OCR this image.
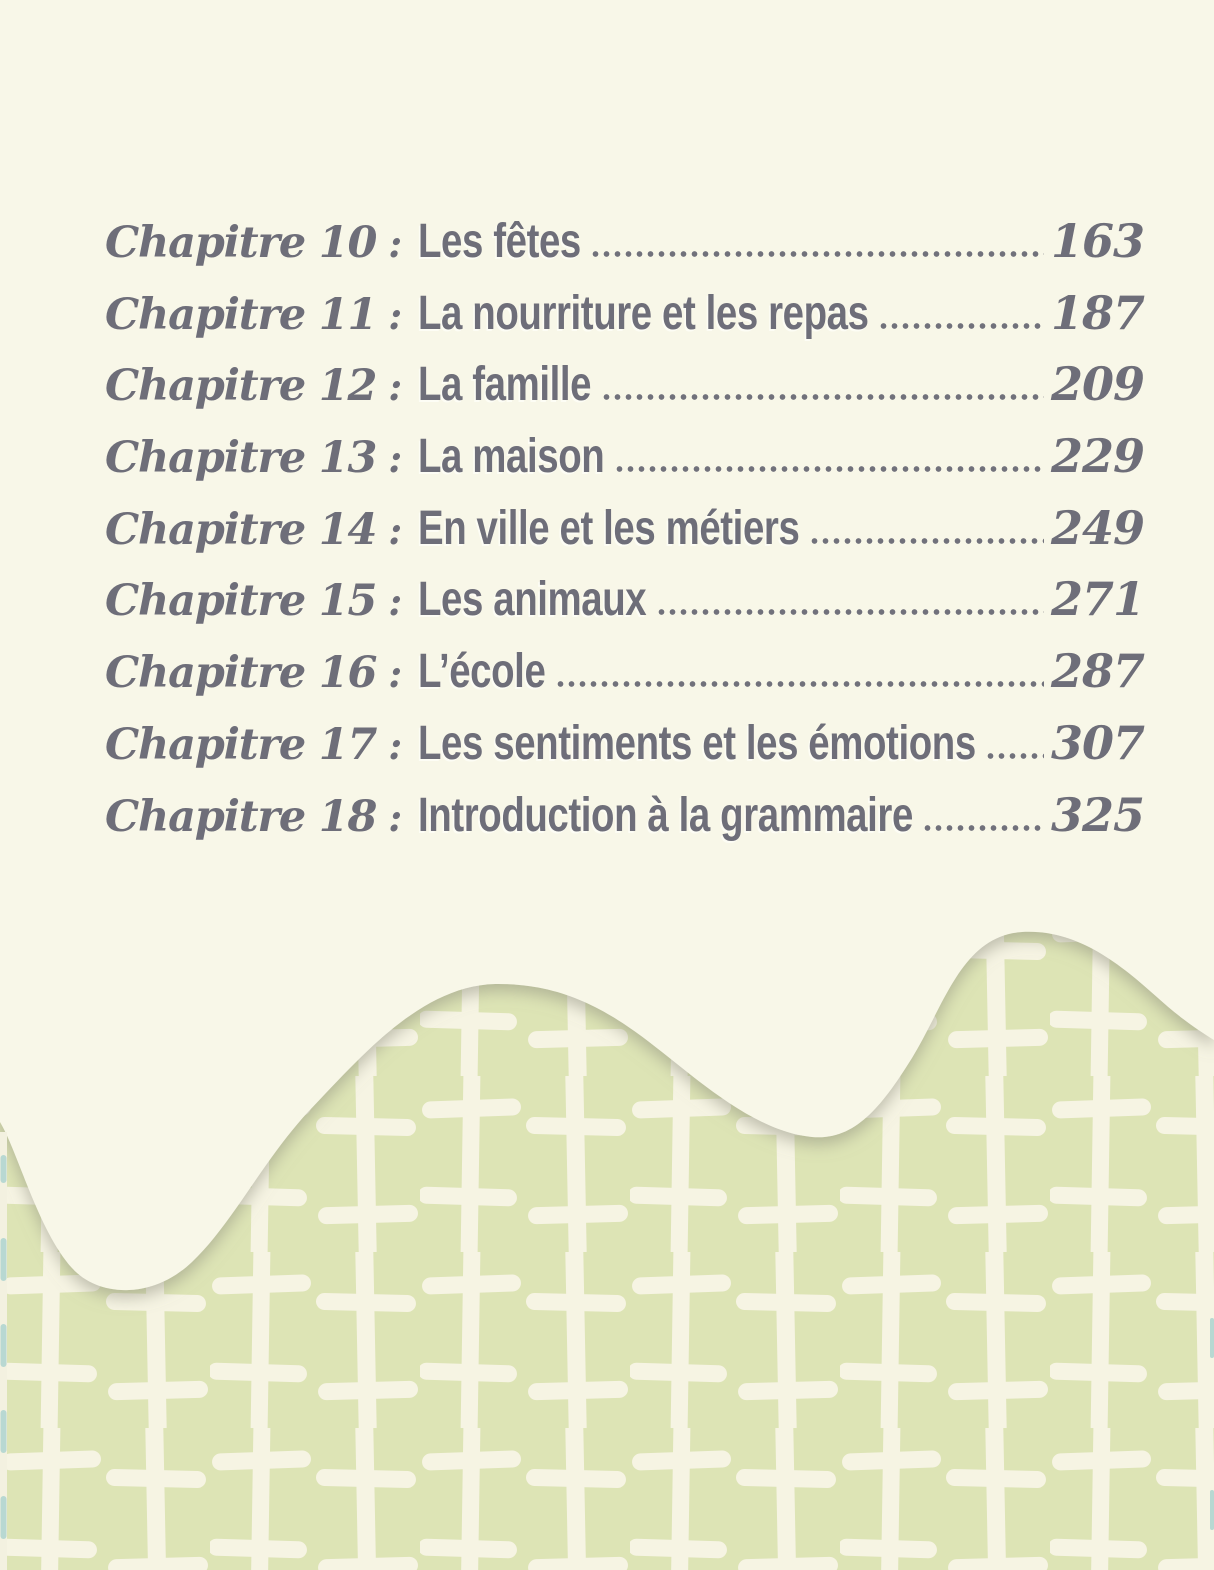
Chapitre 10 : Les fêtes	163
Chapitre 11 : La nourriture et les repas	187
Chapitre 12 : La famille	209
Chapitre 13 : La maison	229
Chapitre 14 : En ville et les métiers	249
Chapitre 15 : Les animaux	271
Chapitre 16 : L’école	287
Chapitre 17 : Les sentiments et les émotions 307
Chapitre 18 : Introduction à la grammaire	325
